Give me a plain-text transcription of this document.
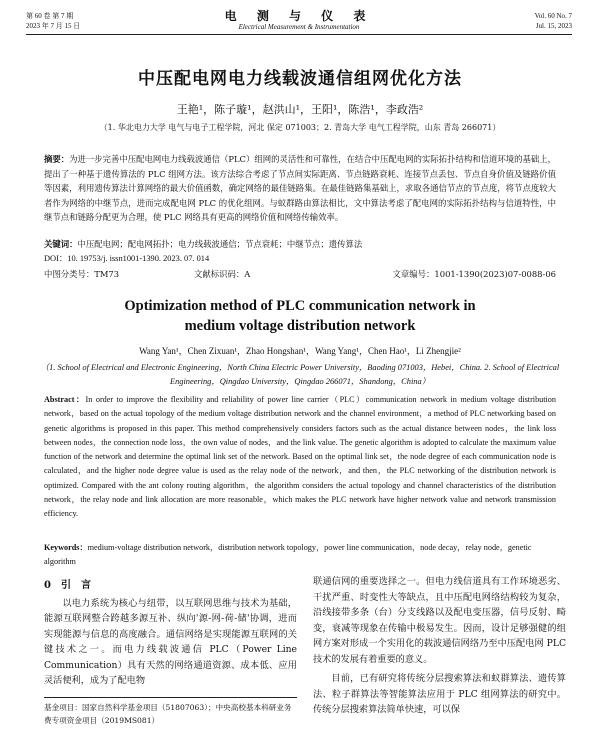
第 60 卷 第 7 期
2023 年 7 月 15 日
电 测 与 仪 表
Electrical Measurement & Instrumentation
Vol. 60 No. 7
Jul. 15, 2023
中压配电网电力线载波通信组网优化方法
王艳¹，陈子璇¹，赵洪山¹，王阳¹，陈浩¹，李政浩²
（1. 华北电力大学 电气与电子工程学院，河北 保定 071003；2. 青岛大学 电气工程学院，山东 青岛 266071）
摘要：为进一步完善中压配电网电力线载波通信（PLC）组网的灵活性和可靠性，在结合中压配电网的实际拓扑结构和信道环境的基础上，提出了一种基于遗传算法的 PLC 组网方法。该方法综合考虑了节点间实际距离、节点链路衰耗、连接节点丢包、节点自身价值及链路价值等因素，利用遗传算法计算网络的最大价值函数，确定网络的最佳链路集。在最佳链路集基础上，求取各通信节点的节点度，将节点度较大者作为网络的中继节点，进而完成配电网 PLC 的优化组网。与蚁群路由算法相比，文中算法考虑了配电网的实际拓扑结构与信道特性，中继节点和链路分配更为合理，使 PLC 网络具有更高的网络价值和网络传输效率。
关键词：中压配电网；配电网拓扑；电力线载波通信；节点衰耗；中继节点；遗传算法
DOI：10. 19753/j. issn1001-1390. 2023. 07. 014
中图分类号：TM73	文献标识码：A	文章编号：1001-1390(2023)07-0088-06
Optimization method of PLC communication network in medium voltage distribution network
Wang Yan¹，Chen Zixuan¹，Zhao Hongshan¹，Wang Yang¹，Chen Hao¹，Li Zhengjie²
（1. School of Electrical and Electronic Engineering，North China Electric Power University，Baoding 071003，Hebei，China. 2. School of Electrical Engineering，Qingdao University，Qingdao 266071，Shandong，China）
Abstract：In order to improve the flexibility and reliability of power line carrier（PLC）communication network in medium voltage distribution network，based on the actual topology of the medium voltage distribution network and the channel environment，a method of PLC networking based on genetic algorithms is proposed in this paper. This method comprehensively considers factors such as the actual distance between nodes，the link loss between nodes，the connection node loss，the own value of nodes，and the link value. The genetic algorithm is adopted to calculate the maximum value function of the network and determine the optimal link set of the network. Based on the optimal link set，the node degree of each communication node is calculated，and the higher node degree value is used as the relay node of the network，and then，the PLC networking of the distribution network is optimized. Compared with the ant colony routing algorithm，the algorithm considers the actual topology and channel characteristics of the distribution network，the relay node and link allocation are more reasonable，which makes the PLC network have higher network value and network transmission efficiency.
Keywords：medium-voltage distribution network，distribution network topology，power line communication，node decay，relay node，genetic algorithm
0　引　言
以电力系统为核心与纽带，以互联网思维与技术为基础，能源互联网整合跨越多源互补、纵向'源-网-荷-储'协调，进而实现能源与信息的高度融合。通信网络是实现能源互联网的关键技术之一。而电力线载波通信 PLC（Power Line Communication）具有天然的网络通道资源、成本低、应用灵活便利，成为了配电物
联通信网的重要选择之一。但电力线信道具有工作环境恶劣、干扰严重、时变性大等缺点，且中压配电网络结构较为复杂，沿线接带多条（台）分支线路以及配电变压器，信号反射、畸变，衰减等现象在传输中极易发生。因而，设计足够强健的组网方案对形成一个实用化的载波通信网络乃至中压配电网 PLC 技术的发展有着重要的意义。
目前，已有研究将传统分层搜索算法和蚁群算法、遗传算法、粒子群算法等智能算法应用于 PLC 组网算法的研究中。传统分层搜索算法简单快速，可以保
基金项目：国家自然科学基金项目（51807063）；中央高校基本科研业务费专项资金项目（2019MS081）
